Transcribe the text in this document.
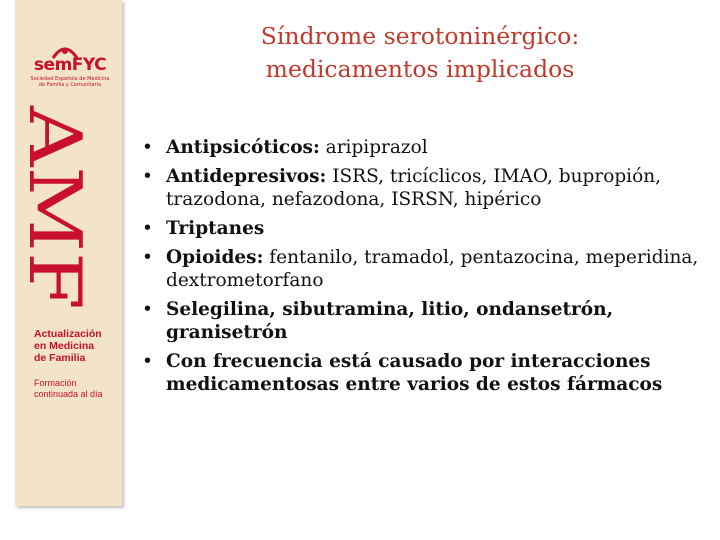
semFYC
Sociedad Española de Medicina
de Familia y Comunitaria
AMF
Actualización
en Medicina
de Familia
Formación
continuada al día
Síndrome serotoninérgico:
medicamentos implicados
• Antipsicóticos: aripiprazol
• Antidepresivos: ISRS, tricíclicos, IMAO, bupropión, trazodona, nefazodona, ISRSN, hipérico
• Triptanes
• Opioides: fentanilo, tramadol, pentazocina, meperidina, dextrometorfano
• Selegilina, sibutramina, litio, ondansetrón, granisetrón
• Con frecuencia está causado por interacciones medicamentosas entre varios de estos fármacos
